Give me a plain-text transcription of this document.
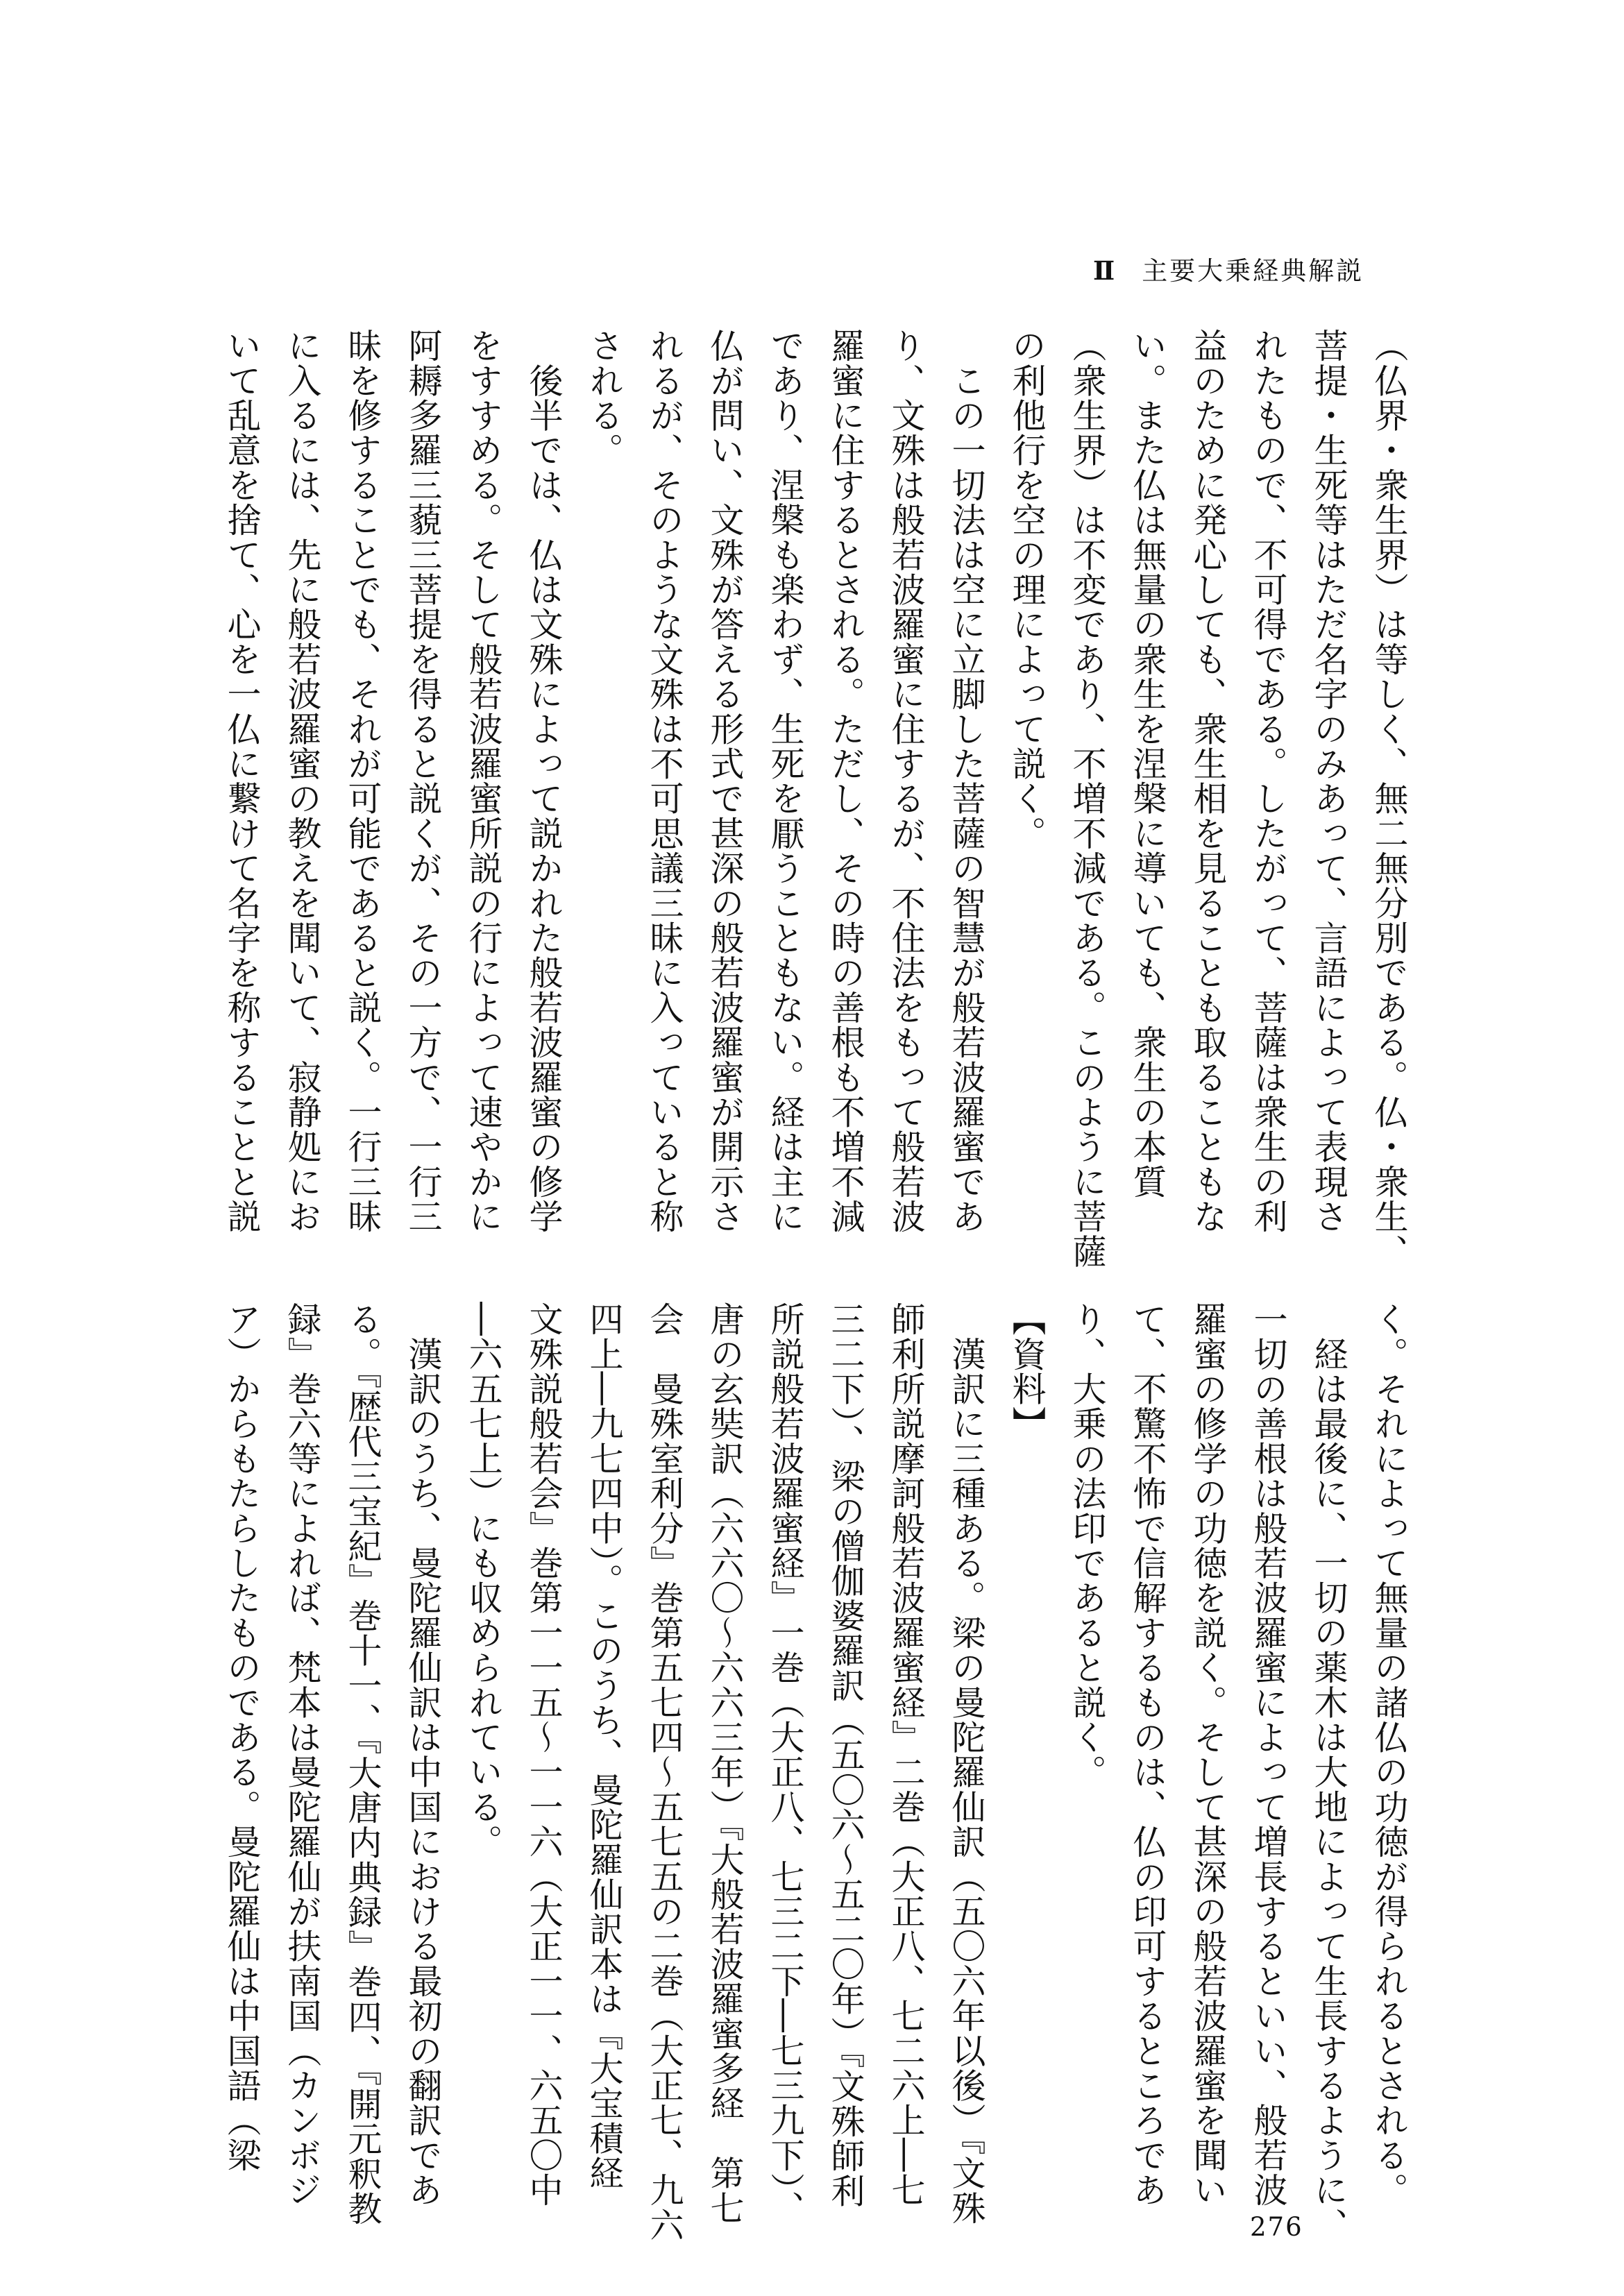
Ⅱ 主要大乗経典解説
（仏界・衆生界）は等しく、無二無分別である。仏・衆生、
菩提・生死等はただ名字のみあって、言語によって表現さ
れたもので、不可得である。したがって、菩薩は衆生の利
益のために発心しても、衆生相を見ることも取ることもな
い。また仏は無量の衆生を涅槃に導いても、衆生の本質
（衆生界）は不変であり、不増不減である。このように菩薩
の利他行を空の理によって説く。
　この一切法は空に立脚した菩薩の智慧が般若波羅蜜であ
り、文殊は般若波羅蜜に住するが、不住法をもって般若波
羅蜜に住するとされる。ただし、その時の善根も不増不減
であり、涅槃も楽わず、生死を厭うこともない。経は主に
仏が問い、文殊が答える形式で甚深の般若波羅蜜が開示さ
れるが、そのような文殊は不可思議三昧に入っていると称
される。
　後半では、仏は文殊によって説かれた般若波羅蜜の修学
をすすめる。そして般若波羅蜜所説の行によって速やかに
阿耨多羅三藐三菩提を得ると説くが、その一方で、一行三
昧を修することでも、それが可能であると説く。一行三昧
に入るには、先に般若波羅蜜の教えを聞いて、寂静処にお
いて乱意を捨て、心を一仏に繋けて名字を称することと説
く。それによって無量の諸仏の功徳が得られるとされる。
　経は最後に、一切の薬木は大地によって生長するように、
一切の善根は般若波羅蜜によって増長するといい、般若波
羅蜜の修学の功徳を説く。そして甚深の般若波羅蜜を聞い
て、不驚不怖で信解するものは、仏の印可するところであ
り、大乗の法印であると説く。
【資料】
　漢訳に三種ある。梁の曼陀羅仙訳（五〇六年以後）『文殊
師利所説摩訶般若波羅蜜経』二巻（大正八、七二六上―七
三二下）、梁の僧伽婆羅訳（五〇六～五二〇年）『文殊師利
所説般若波羅蜜経』一巻（大正八、七三二下―七三九下）、
唐の玄奘訳（六六〇～六六三年）『大般若波羅蜜多経　第七
会　曼殊室利分』巻第五七四～五七五の二巻（大正七、九六
四上―九七四中）。このうち、曼陀羅仙訳本は『大宝積経
文殊説般若会』巻第一一五～一一六（大正一一、六五〇中
―六五七上）にも収められている。
　漢訳のうち、曼陀羅仙訳は中国における最初の翻訳であ
る。『歴代三宝紀』巻十一、『大唐内典録』巻四、『開元釈教
録』巻六等によれば、梵本は曼陀羅仙が扶南国（カンボジ
ア）からもたらしたものである。曼陀羅仙は中国語（梁
276
